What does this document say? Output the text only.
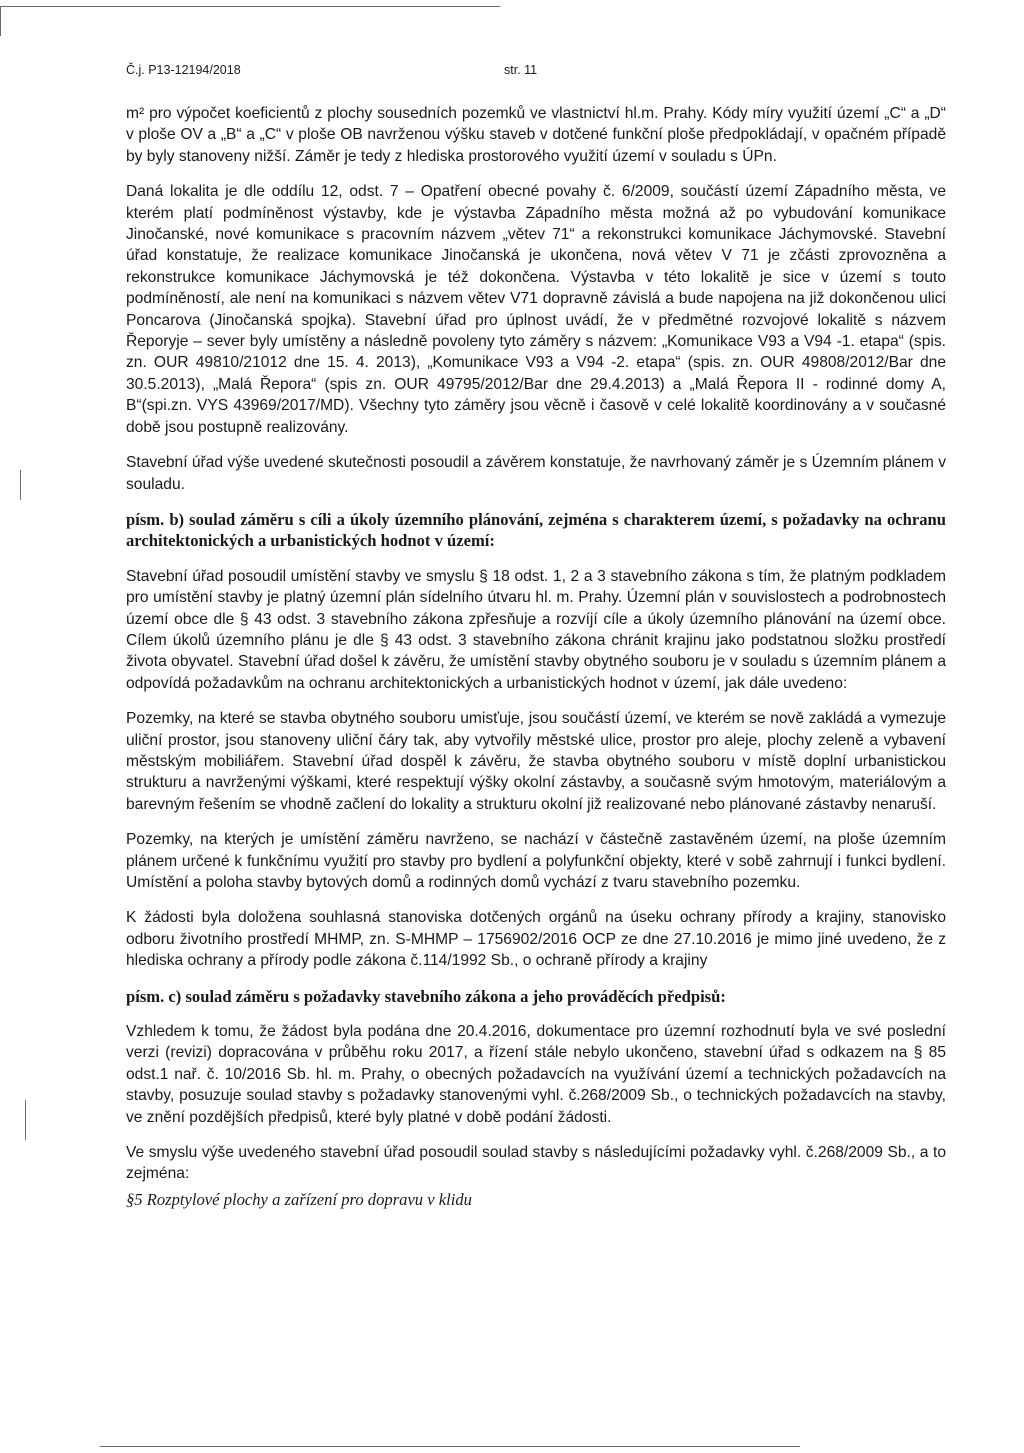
Č.j. P13-12194/2018	str. 11

m² pro výpočet koeficientů z plochy sousedních pozemků ve vlastnictví hl.m. Prahy. Kódy míry využití území „C“ a „D“ v ploše OV a „B“ a „C“ v ploše OB navrženou výšku staveb v dotčené funkční ploše předpokládají, v opačném případě by byly stanoveny nižší. Záměr je tedy z hlediska prostorového využití území v souladu s ÚPn.

Daná lokalita je dle oddílu 12, odst. 7 – Opatření obecné povahy č. 6/2009, součástí území Západního města, ve kterém platí podmíněnost výstavby, kde je výstavba Západního města možná až po vybudování komunikace Jinočanské, nové komunikace s pracovním názvem „větev 71“ a rekonstrukci komunikace Jáchymovské. Stavební úřad konstatuje, že realizace komunikace Jinočanská je ukončena, nová větev V 71 je zčásti zprovozněna a rekonstrukce komunikace Jáchymovská je též dokončena. Výstavba v této lokalitě je sice v území s touto podmíněností, ale není na komunikaci s názvem větev V71 dopravně závislá a bude napojena na již dokončenou ulici Poncarova (Jinočanská spojka). Stavební úřad pro úplnost uvádí, že v předmětné rozvojové lokalitě s názvem Řeporyje – sever byly umístěny a následně povoleny tyto záměry s názvem: „Komunikace V93 a V94 -1. etapa“ (spis. zn. OUR 49810/21012 dne 15. 4. 2013), „Komunikace V93 a V94 -2. etapa“ (spis. zn. OUR 49808/2012/Bar dne 30.5.2013), „Malá Řepora“ (spis zn. OUR 49795/2012/Bar dne 29.4.2013) a „Malá Řepora II - rodinné domy A, B“(spi.zn. VYS 43969/2017/MD). Všechny tyto záměry jsou věcně i časově v celé lokalitě koordinovány a v současné době jsou postupně realizovány.

Stavební úřad výše uvedené skutečnosti posoudil a závěrem konstatuje, že navrhovaný záměr je s Územním plánem v souladu.

písm. b) soulad záměru s cíli a úkoly územního plánování, zejména s charakterem území, s požadavky na ochranu architektonických a urbanistických hodnot v území:

Stavební úřad posoudil umístění stavby ve smyslu § 18 odst. 1, 2 a 3 stavebního zákona s tím, že platným podkladem pro umístění stavby je platný územní plán sídelního útvaru hl. m. Prahy. Územní plán v souvislostech a podrobnostech území obce dle § 43 odst. 3 stavebního zákona zpřesňuje a rozvíjí cíle a úkoly územního plánování na území obce. Cílem úkolů územního plánu je dle § 43 odst. 3 stavebního zákona chránit krajinu jako podstatnou složku prostředí života obyvatel. Stavební úřad došel k závěru, že umístění stavby obytného souboru je v souladu s územním plánem a odpovídá požadavkům na ochranu architektonických a urbanistických hodnot v území, jak dále uvedeno:

Pozemky, na které se stavba obytného souboru umisťuje, jsou součástí území, ve kterém se nově zakládá a vymezuje uliční prostor, jsou stanoveny uliční čáry tak, aby vytvořily městské ulice, prostor pro aleje, plochy zeleně a vybavení městským mobiliářem. Stavební úřad dospěl k závěru, že stavba obytného souboru v místě doplní urbanistickou strukturu a navrženými výškami, které respektují výšky okolní zástavby, a současně svým hmotovým, materiálovým a barevným řešením se vhodně začlení do lokality a strukturu okolní již realizované nebo plánované zástavby nenaruší.

Pozemky, na kterých je umístění záměru navrženo, se nachází v částečně zastavěném území, na ploše územním plánem určené k funkčnímu využití pro stavby pro bydlení a polyfunkční objekty, které v sobě zahrnují i funkci bydlení. Umístění a poloha stavby bytových domů a rodinných domů vychází z tvaru stavebního pozemku.

K žádosti byla doložena souhlasná stanoviska dotčených orgánů na úseku ochrany přírody a krajiny, stanovisko odboru životního prostředí MHMP, zn. S-MHMP – 1756902/2016 OCP ze dne 27.10.2016 je mimo jiné uvedeno, že z hlediska ochrany a přírody podle zákona č.114/1992 Sb., o ochraně přírody a krajiny

písm. c) soulad záměru s požadavky stavebního zákona a jeho prováděcích předpisů:

Vzhledem k tomu, že žádost byla podána dne 20.4.2016, dokumentace pro územní rozhodnutí byla ve své poslední verzi (revizi) dopracována v průběhu roku 2017, a řízení stále nebylo ukončeno, stavební úřad s odkazem na § 85 odst.1 nař. č. 10/2016 Sb. hl. m. Prahy, o obecných požadavcích na využívání území a technických požadavcích na stavby, posuzuje soulad stavby s požadavky stanovenými vyhl. č.268/2009 Sb., o technických požadavcích na stavby, ve znění pozdějších předpisů, které byly platné v době podání žádosti.

Ve smyslu výše uvedeného stavební úřad posoudil soulad stavby s následujícími požadavky vyhl. č.268/2009 Sb., a to zejména:

§5 Rozptylové plochy a zařízení pro dopravu v klidu
